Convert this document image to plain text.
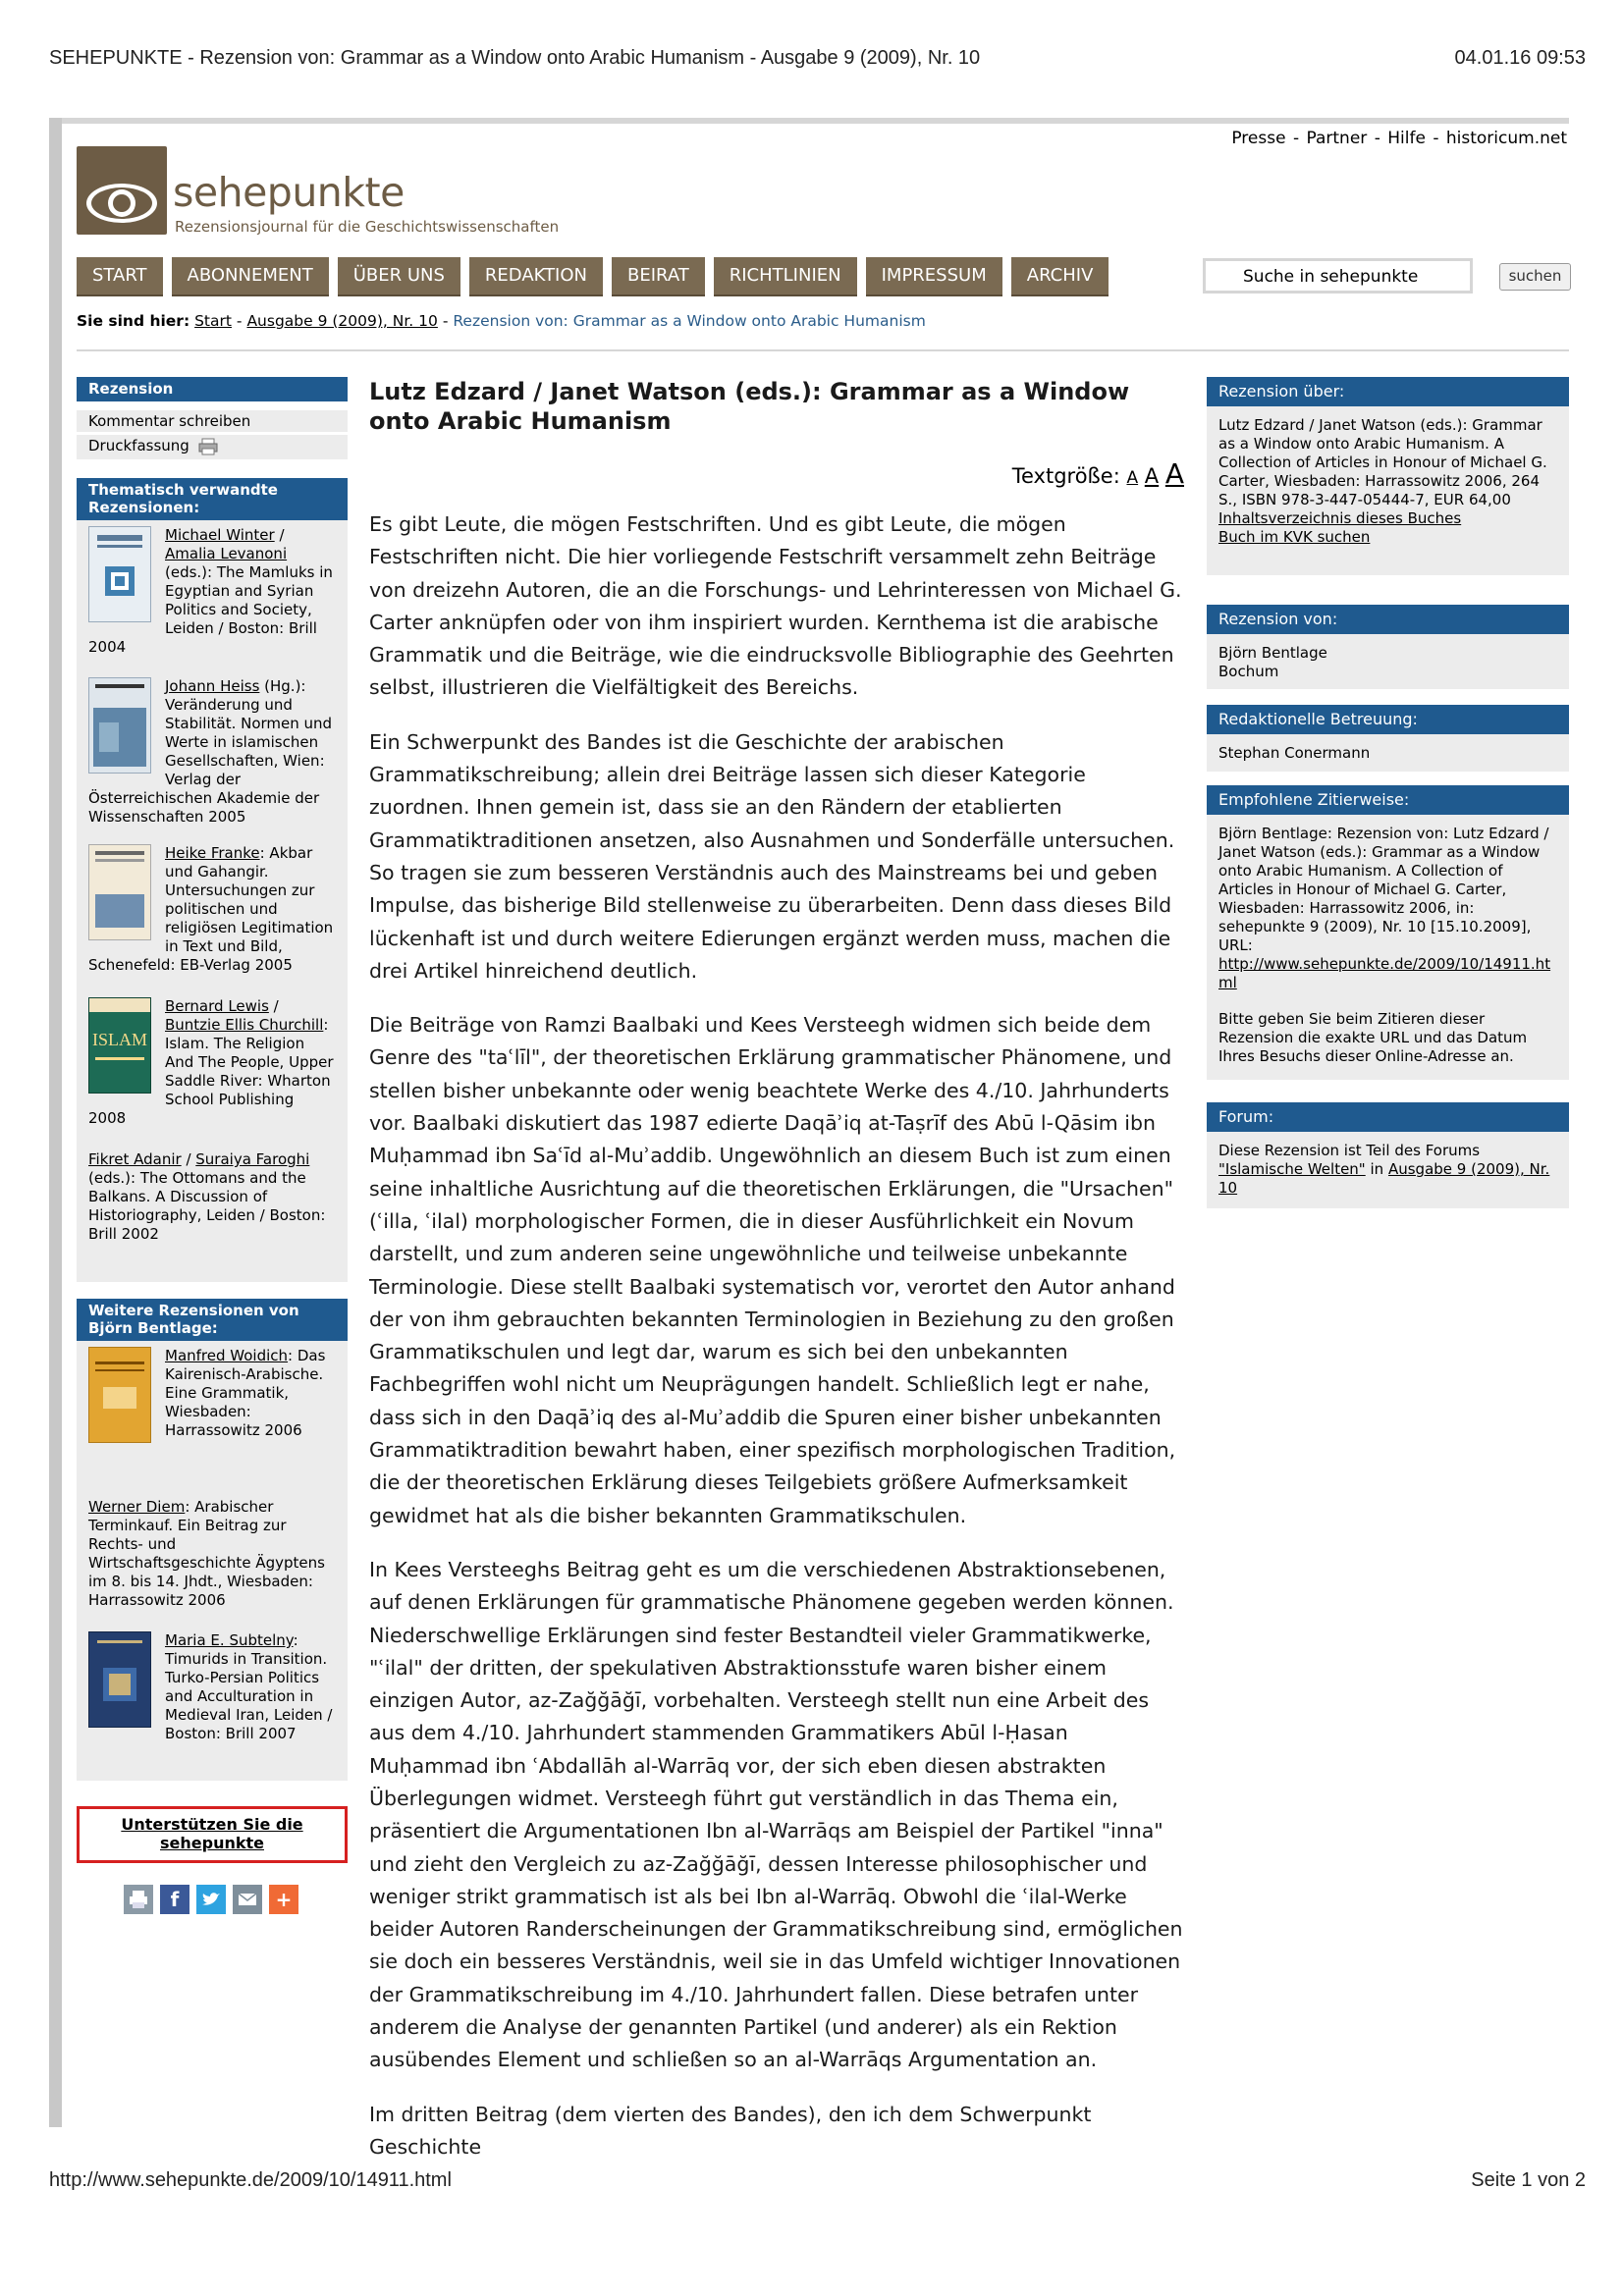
SEHEPUNKTE - Rezension von: Grammar as a Window onto Arabic Humanism - Ausgabe 9 (2009), Nr. 10	04.01.16 09:53
Presse - Partner - Hilfe - historicum.net
sehepunkte
Rezensionsjournal für die Geschichtswissenschaften
START	ABONNEMENT	ÜBER UNS	REDAKTION	BEIRAT	RICHTLINIEN	IMPRESSUM	ARCHIV	Suche in sehepunkte	suchen
Sie sind hier: Start - Ausgabe 9 (2009), Nr. 10 - Rezension von: Grammar as a Window onto Arabic Humanism
Rezension
Kommentar schreiben
Druckfassung
Thematisch verwandte Rezensionen:
Michael Winter / Amalia Levanoni (eds.): The Mamluks in Egyptian and Syrian Politics and Society, Leiden / Boston: Brill 2004
Johann Heiss (Hg.): Veränderung und Stabilität. Normen und Werte in islamischen Gesellschaften, Wien: Verlag der Österreichischen Akademie der Wissenschaften 2005
Heike Franke: Akbar und Gahangir. Untersuchungen zur politischen und religiösen Legitimation in Text und Bild, Schenefeld: EB-Verlag 2005
ISLAM
Bernard Lewis / Buntzie Ellis Churchill: Islam. The Religion And The People, Upper Saddle River: Wharton School Publishing 2008
Fikret Adanir / Suraiya Faroghi (eds.): The Ottomans and the Balkans. A Discussion of Historiography, Leiden / Boston: Brill 2002
Weitere Rezensionen von Björn Bentlage:
Manfred Woidich: Das Kairenisch-Arabische. Eine Grammatik, Wiesbaden: Harrassowitz 2006
Werner Diem: Arabischer Terminkauf. Ein Beitrag zur Rechts- und Wirtschaftsgeschichte Ägyptens im 8. bis 14. Jhdt., Wiesbaden: Harrassowitz 2006
Maria E. Subtelny: Timurids in Transition. Turko-Persian Politics and Acculturation in Medieval Iran, Leiden / Boston: Brill 2007
Unterstützen Sie die sehepunkte
f	+
Lutz Edzard / Janet Watson (eds.): Grammar as a Window onto Arabic Humanism
Textgröße: A A A

Es gibt Leute, die mögen Festschriften. Und es gibt Leute, die mögen Festschriften nicht. Die hier vorliegende Festschrift versammelt zehn Beiträge von dreizehn Autoren, die an die Forschungs- und Lehrinteressen von Michael G. Carter anknüpfen oder von ihm inspiriert wurden. Kernthema ist die arabische Grammatik und die Beiträge, wie die eindrucksvolle Bibliographie des Geehrten selbst, illustrieren die Vielfältigkeit des Bereichs.

Ein Schwerpunkt des Bandes ist die Geschichte der arabischen Grammatikschreibung; allein drei Beiträge lassen sich dieser Kategorie zuordnen. Ihnen gemein ist, dass sie an den Rändern der etablierten Grammatiktraditionen ansetzen, also Ausnahmen und Sonderfälle untersuchen. So tragen sie zum besseren Verständnis auch des Mainstreams bei und geben Impulse, das bisherige Bild stellenweise zu überarbeiten. Denn dass dieses Bild lückenhaft ist und durch weitere Edierungen ergänzt werden muss, machen die drei Artikel hinreichend deutlich.

Die Beiträge von Ramzi Baalbaki und Kees Versteegh widmen sich beide dem Genre des "taʿlīl", der theoretischen Erklärung grammatischer Phänomene, und stellen bisher unbekannte oder wenig beachtete Werke des 4./10. Jahrhunderts vor. Baalbaki diskutiert das 1987 edierte Daqāʾiq at-Taṣrīf des Abū l-Qāsim ibn Muḥammad ibn Saʿīd al-Muʾaddib. Ungewöhnlich an diesem Buch ist zum einen seine inhaltliche Ausrichtung auf die theoretischen Erklärungen, die "Ursachen" (ʿilla, ʿilal) morphologischer Formen, die in dieser Ausführlichkeit ein Novum darstellt, und zum anderen seine ungewöhnliche und teilweise unbekannte Terminologie. Diese stellt Baalbaki systematisch vor, verortet den Autor anhand der von ihm gebrauchten bekannten Terminologien in Beziehung zu den großen Grammatikschulen und legt dar, warum es sich bei den unbekannten Fachbegriffen wohl nicht um Neuprägungen handelt. Schließlich legt er nahe, dass sich in den Daqāʾiq des al-Muʾaddib die Spuren einer bisher unbekannten Grammatiktradition bewahrt haben, einer spezifisch morphologischen Tradition, die der theoretischen Erklärung dieses Teilgebiets größere Aufmerksamkeit gewidmet hat als die bisher bekannten Grammatikschulen.

In Kees Versteeghs Beitrag geht es um die verschiedenen Abstraktionsebenen, auf denen Erklärungen für grammatische Phänomene gegeben werden können. Niederschwellige Erklärungen sind fester Bestandteil vieler Grammatikwerke, "ʿilal" der dritten, der spekulativen Abstraktionsstufe waren bisher einem einzigen Autor, az-Zağğāğī, vorbehalten. Versteegh stellt nun eine Arbeit des aus dem 4./10. Jahrhundert stammenden Grammatikers Abūl l-Ḥasan Muḥammad ibn ʿAbdallāh al-Warrāq vor, der sich eben diesen abstrakten Überlegungen widmet. Versteegh führt gut verständlich in das Thema ein, präsentiert die Argumentationen Ibn al-Warrāqs am Beispiel der Partikel "inna" und zieht den Vergleich zu az-Zağğāğī, dessen Interesse philosophischer und weniger strikt grammatisch ist als bei Ibn al-Warrāq. Obwohl die ʿilal-Werke beider Autoren Randerscheinungen der Grammatikschreibung sind, ermöglichen sie doch ein besseres Verständnis, weil sie in das Umfeld wichtiger Innovationen der Grammatikschreibung im 4./10. Jahrhundert fallen. Diese betrafen unter anderem die Analyse der genannten Partikel (und anderer) als ein Rektion ausübendes Element und schließen so an al-Warrāqs Argumentation an.

Im dritten Beitrag (dem vierten des Bandes), den ich dem Schwerpunkt Geschichte

Rezension über:
Lutz Edzard / Janet Watson (eds.): Grammar as a Window onto Arabic Humanism. A Collection of Articles in Honour of Michael G. Carter, Wiesbaden: Harrassowitz 2006, 264 S., ISBN 978-3-447-05444-7, EUR 64,00
Inhaltsverzeichnis dieses Buches
Buch im KVK suchen
Rezension von:
Björn Bentlage
Bochum
Redaktionelle Betreuung:
Stephan Conermann
Empfohlene Zitierweise:
Björn Bentlage: Rezension von: Lutz Edzard / Janet Watson (eds.): Grammar as a Window onto Arabic Humanism. A Collection of Articles in Honour of Michael G. Carter, Wiesbaden: Harrassowitz 2006, in: sehepunkte 9 (2009), Nr. 10 [15.10.2009], URL:
http://www.sehepunkte.de/2009/10/14911.html
Bitte geben Sie beim Zitieren dieser Rezension die exakte URL und das Datum Ihres Besuchs dieser Online-Adresse an.
Forum:
Diese Rezension ist Teil des Forums "Islamische Welten" in Ausgabe 9 (2009), Nr. 10
http://www.sehepunkte.de/2009/10/14911.html	Seite 1 von 2
